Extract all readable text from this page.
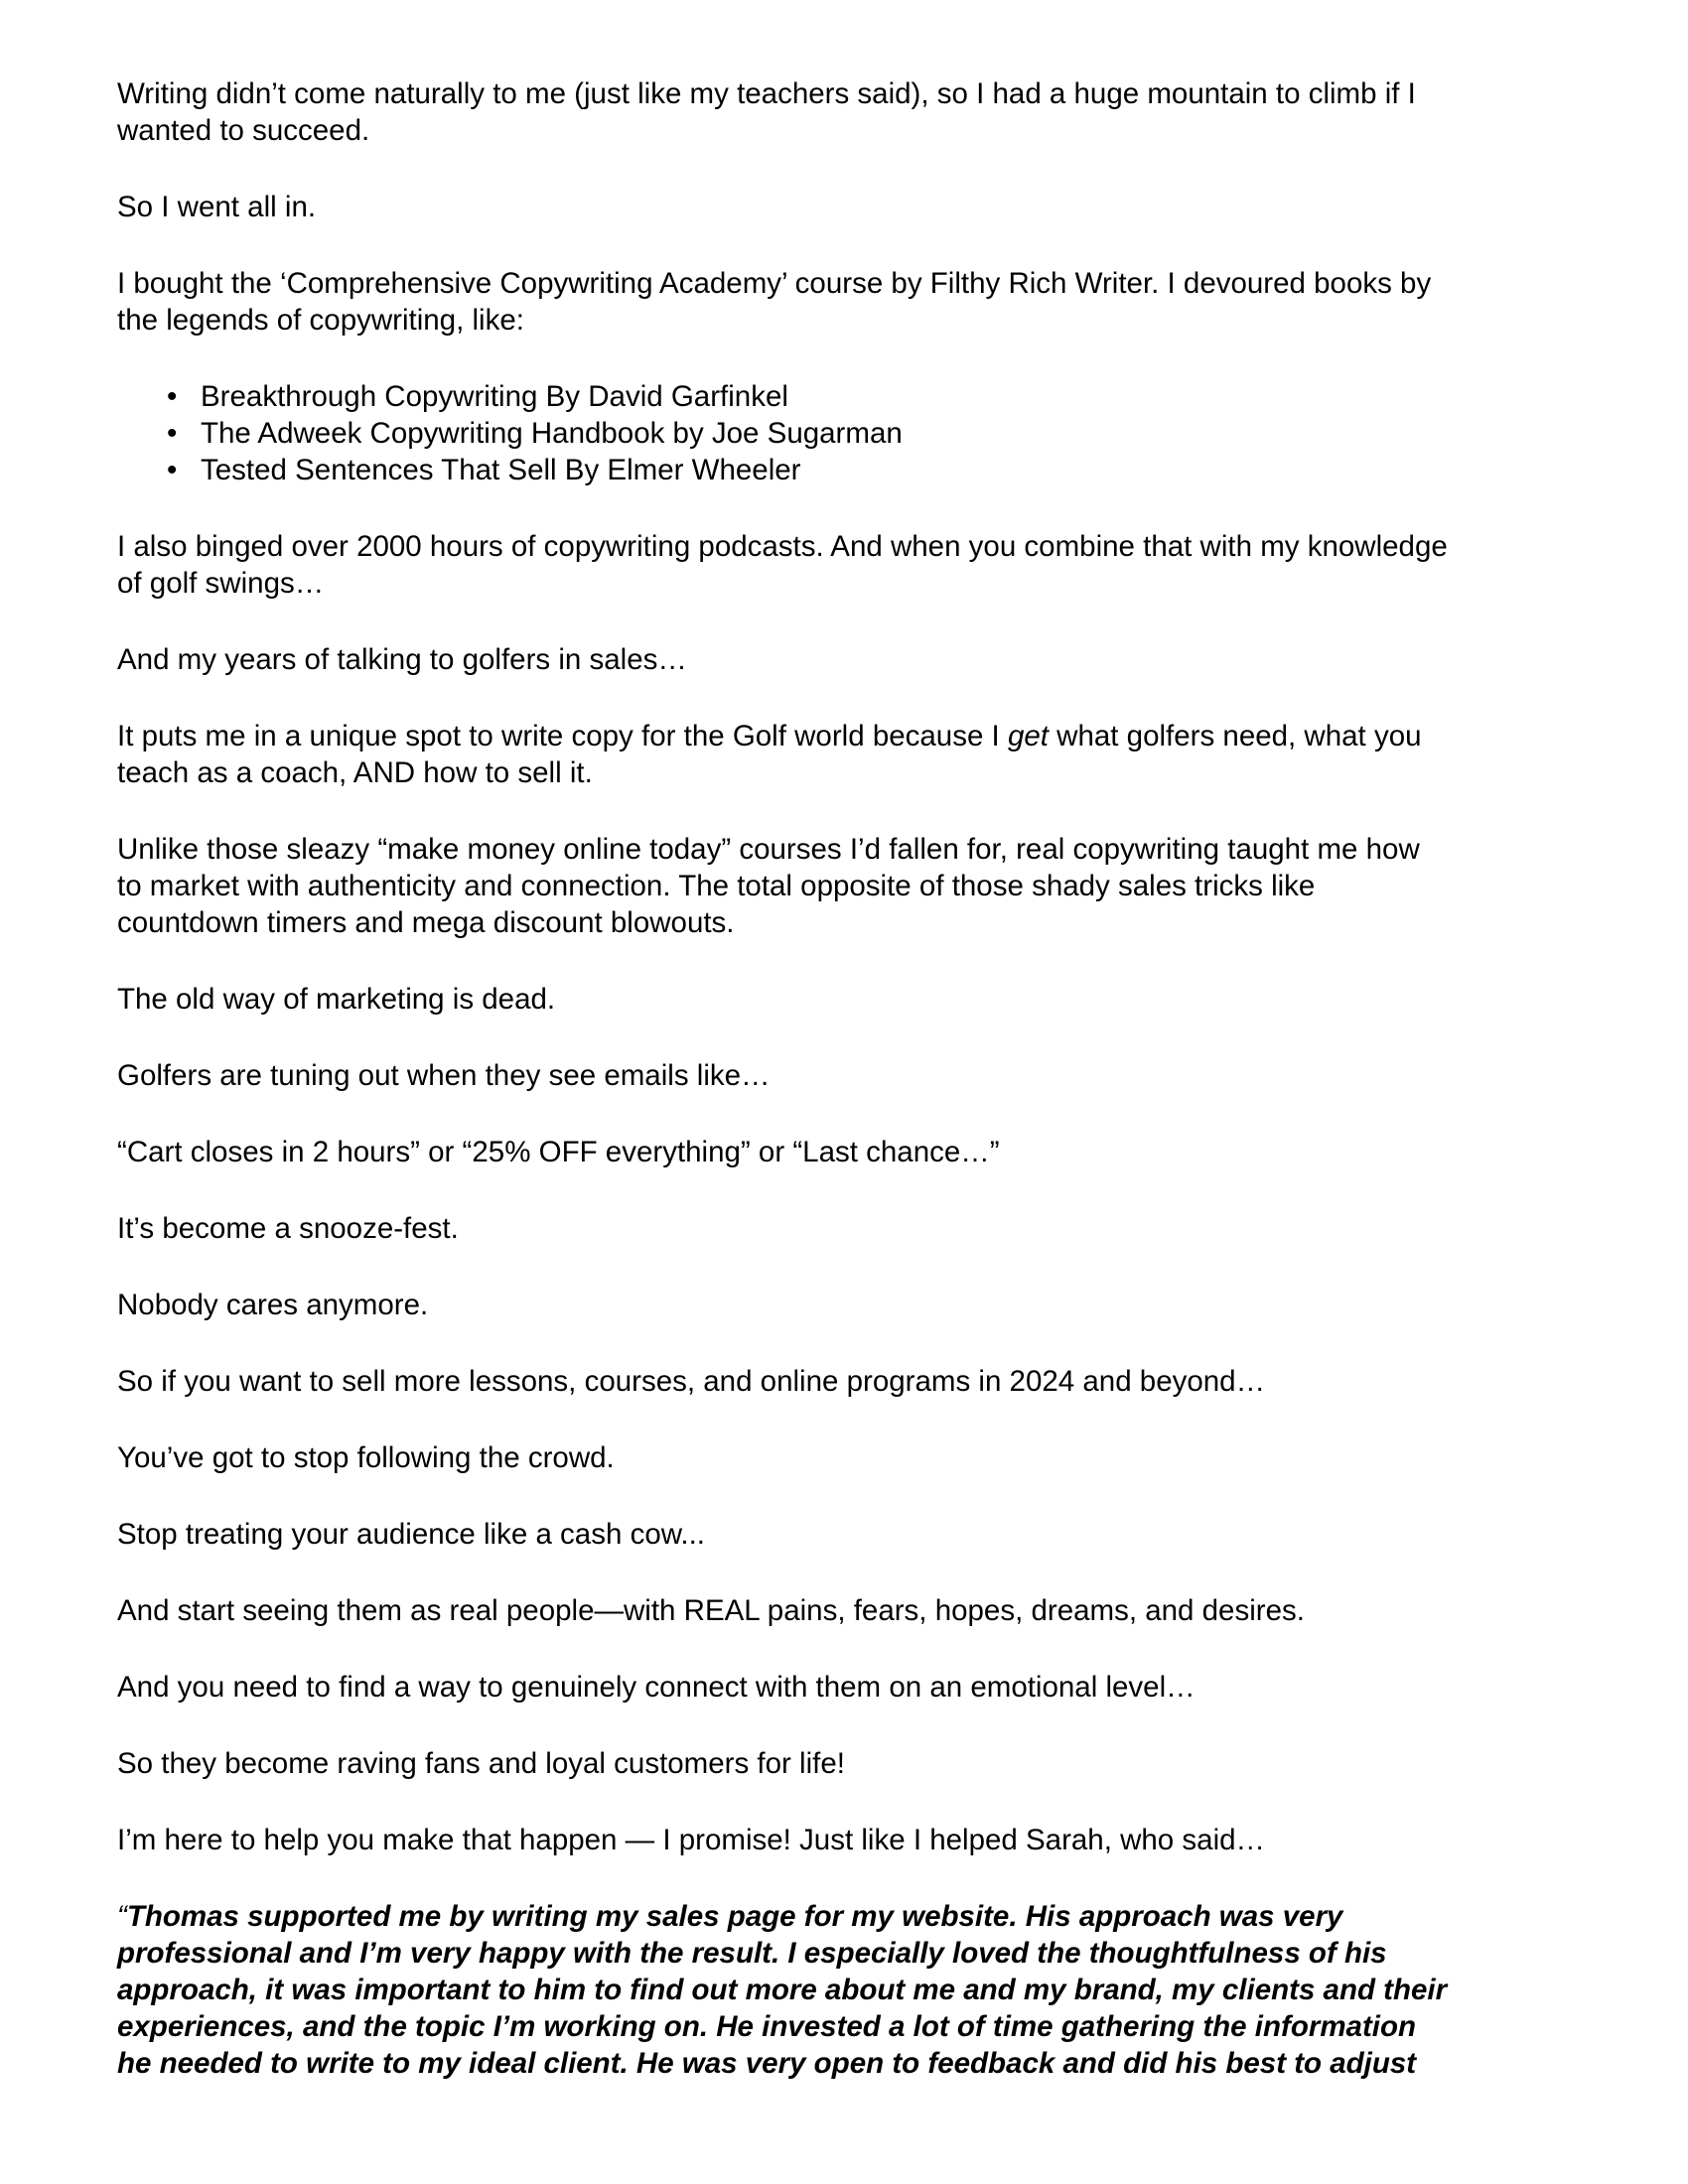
Writing didn’t come naturally to me (just like my teachers said), so I had a huge mountain to climb if I wanted to succeed.

So I went all in.

I bought the ‘Comprehensive Copywriting Academy’ course by Filthy Rich Writer. I devoured books by the legends of copywriting, like:

• Breakthrough Copywriting By David Garfinkel
• The Adweek Copywriting Handbook by Joe Sugarman
• Tested Sentences That Sell By Elmer Wheeler

I also binged over 2000 hours of copywriting podcasts. And when you combine that with my knowledge of golf swings…

And my years of talking to golfers in sales…

It puts me in a unique spot to write copy for the Golf world because I get what golfers need, what you teach as a coach, AND how to sell it.

Unlike those sleazy “make money online today” courses I’d fallen for, real copywriting taught me how to market with authenticity and connection. The total opposite of those shady sales tricks like countdown timers and mega discount blowouts.

The old way of marketing is dead.

Golfers are tuning out when they see emails like…

“Cart closes in 2 hours” or “25% OFF everything” or “Last chance…”

It’s become a snooze-fest.

Nobody cares anymore.

So if you want to sell more lessons, courses, and online programs in 2024 and beyond…

You’ve got to stop following the crowd.

Stop treating your audience like a cash cow...

And start seeing them as real people—with REAL pains, fears, hopes, dreams, and desires.

And you need to find a way to genuinely connect with them on an emotional level…

So they become raving fans and loyal customers for life!

I’m here to help you make that happen — I promise! Just like I helped Sarah, who said…

“Thomas supported me by writing my sales page for my website. His approach was very professional and I’m very happy with the result. I especially loved the thoughtfulness of his approach, it was important to him to find out more about me and my brand, my clients and their experiences, and the topic I’m working on. He invested a lot of time gathering the information he needed to write to my ideal client. He was very open to feedback and did his best to adjust
